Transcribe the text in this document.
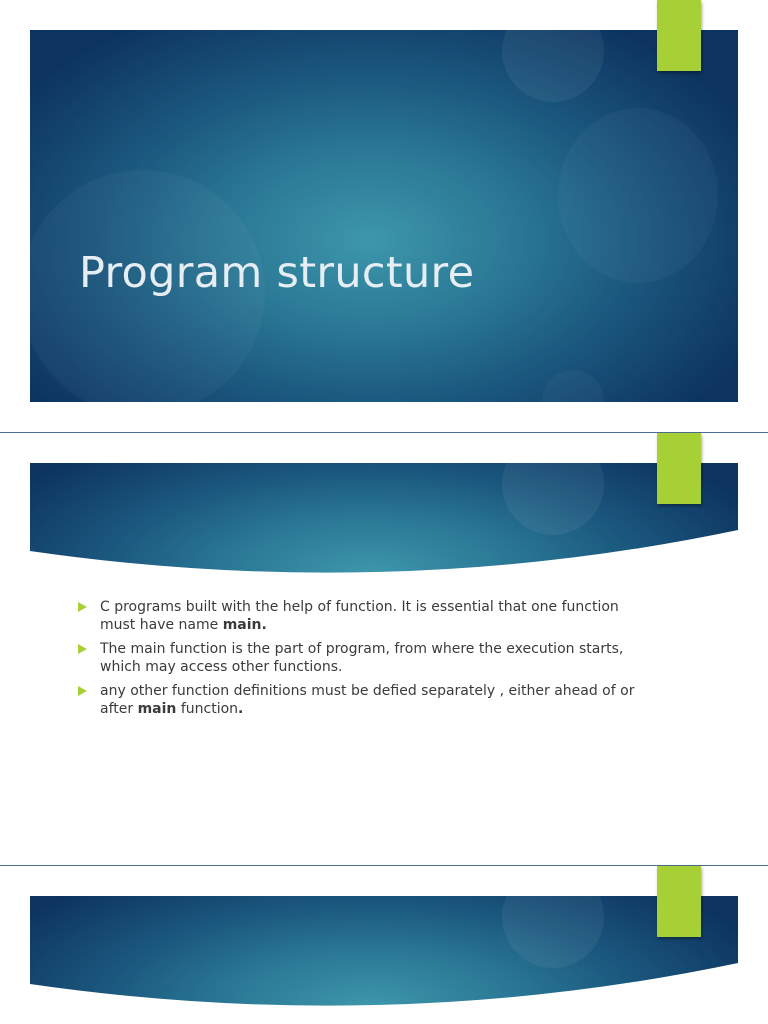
Program structure
C programs built with the help of function. It is essential that one function must have name main.
The main function is the part of program, from where the execution starts, which may access other functions.
any other function definitions must be defied separately , either ahead of or after main function.
